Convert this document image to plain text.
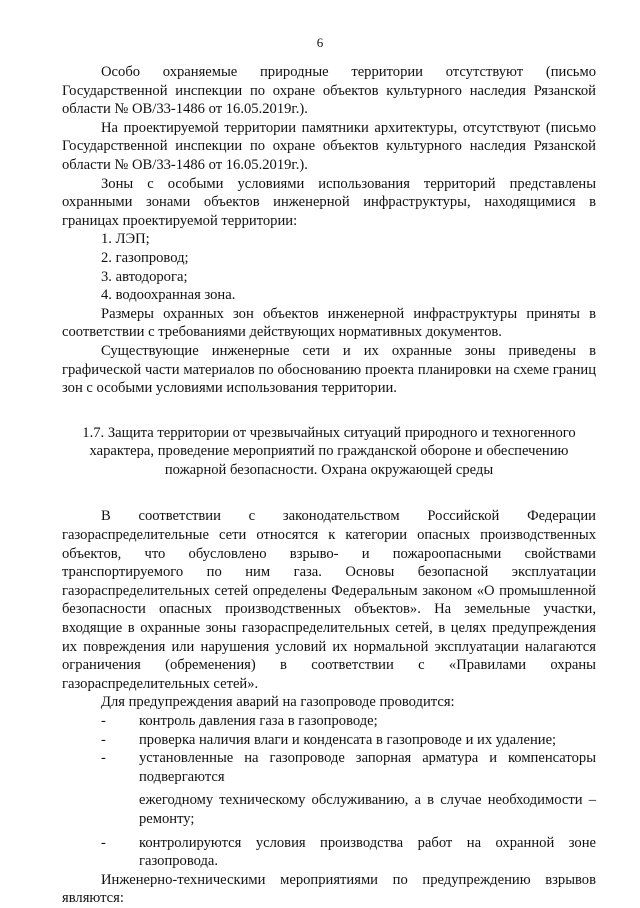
6

Особо охраняемые природные территории отсутствуют (письмо Государственной инспекции по охране объектов культурного наследия Рязанской области № ОВ/33-1486 от 16.05.2019г.).

На проектируемой территории памятники архитектуры, отсутствуют (письмо Государственной инспекции по охране объектов культурного наследия Рязанской области № ОВ/33-1486 от 16.05.2019г.).

Зоны с особыми условиями использования территорий представлены охранными зонами объектов инженерной инфраструктуры, находящимися в границах проектируемой территории:

1. ЛЭП;

2. газопровод;

3. автодорога;

4. водоохранная зона.

Размеры охранных зон объектов инженерной инфраструктуры приняты в соответствии с требованиями действующих нормативных документов.

Существующие инженерные сети и их охранные зоны приведены в графической части материалов по обоснованию проекта планировки на схеме границ зон с особыми условиями использования территории.

1.7. Защита территории от чрезвычайных ситуаций природного и техногенного характера, проведение мероприятий по гражданской обороне и обеспечению пожарной безопасности. Охрана окружающей среды

В соответствии с законодательством Российской Федерации газораспределительные сети относятся к категории опасных производственных объектов, что обусловлено взрыво- и пожароопасными свойствами транспортируемого по ним газа. Основы безопасной эксплуатации газораспределительных сетей определены Федеральным законом «О промышленной безопасности опасных производственных объектов». На земельные участки, входящие в охранные зоны газораспределительных сетей, в целях предупреждения их повреждения или нарушения условий их нормальной эксплуатации налагаются ограничения (обременения) в соответствии с «Правилами охраны газораспределительных сетей».

Для предупреждения аварий на газопроводе проводится:

-	контроль давления газа в газопроводе;
-	проверка наличия влаги и конденсата в газопроводе и их удаление;
-	установленные на газопроводе запорная арматура и компенсаторы подвергаются

ежегодному техническому обслуживанию, а в случае необходимости – ремонту;

-	контролируются условия производства работ на охранной зоне газопровода.

Инженерно-техническими мероприятиями по предупреждению взрывов являются:
